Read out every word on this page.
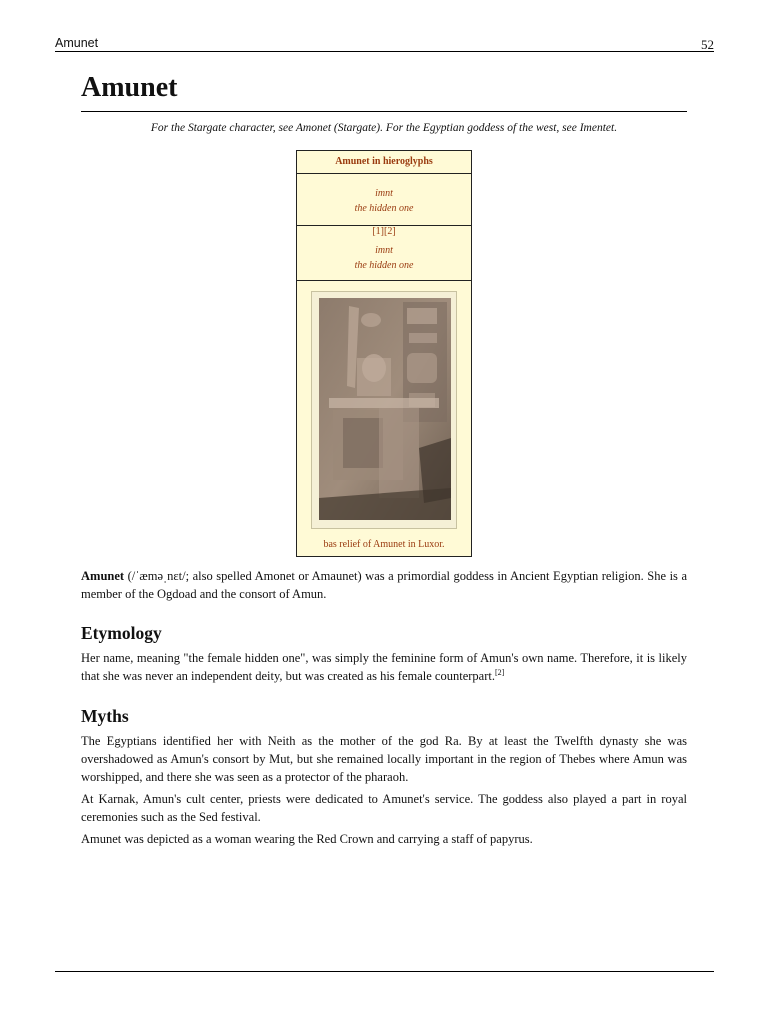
Amunet	52
Amunet
For the Stargate character, see Amonet (Stargate). For the Egyptian goddess of the west, see Imentet.
Amunet in hieroglyphs
imnt
the hidden one
[1][2]
imnt
the hidden one
bas relief of Amunet in Luxor.
Amunet (/ˈæməˌnɛt/; also spelled Amonet or Amaunet) was a primordial goddess in Ancient Egyptian religion. She is a member of the Ogdoad and the consort of Amun.
Etymology
Her name, meaning "the female hidden one", was simply the feminine form of Amun's own name. Therefore, it is likely that she was never an independent deity, but was created as his female counterpart.[2]
Myths
The Egyptians identified her with Neith as the mother of the god Ra. By at least the Twelfth dynasty she was overshadowed as Amun's consort by Mut, but she remained locally important in the region of Thebes where Amun was worshipped, and there she was seen as a protector of the pharaoh.
At Karnak, Amun's cult center, priests were dedicated to Amunet's service. The goddess also played a part in royal ceremonies such as the Sed festival.
Amunet was depicted as a woman wearing the Red Crown and carrying a staff of papyrus.
